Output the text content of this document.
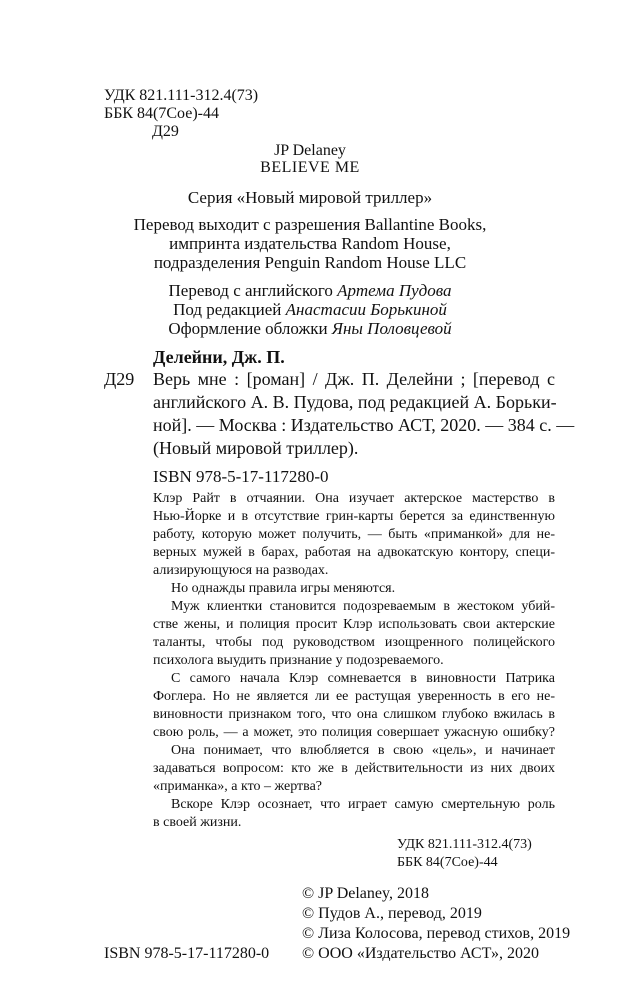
УДК 821.111-312.4(73)
ББК 84(7Сое)-44
Д29
JP Delaney
BELIEVE ME
Серия «Новый мировой триллер»
Перевод выходит с разрешения Ballantine Books,
импринта издательства Random House,
подразделения Penguin Random House LLC
Перевод с английского Артема Пудова
Под редакцией Анастасии Борькиной
Оформление обложки Яны Половцевой
Делейни, Дж. П.
Д29 Верь мне : [роман] / Дж. П. Делейни ; [перевод с
английского А. В. Пудова, под редакцией А. Борьки-
ной]. — Москва : Издательство АСТ, 2020. — 384 с. —
(Новый мировой триллер).
ISBN 978-5-17-117280-0
Клэр Райт в отчаянии. Она изучает актерское мастерство в
Нью-Йорке и в отсутствие грин-карты берется за единственную
работу, которую может получить, — быть «приманкой» для не-
верных мужей в барах, работая на адвокатскую контору, специ-
ализирующуюся на разводах.
Но однажды правила игры меняются.
Муж клиентки становится подозреваемым в жестоком убий-
стве жены, и полиция просит Клэр использовать свои актерские
таланты, чтобы под руководством изощренного полицейского
психолога выудить признание у подозреваемого.
С самого начала Клэр сомневается в виновности Патрика
Фоглера. Но не является ли ее растущая уверенность в его не-
виновности признаком того, что она слишком глубоко вжилась в
свою роль, — а может, это полиция совершает ужасную ошибку?
Она понимает, что влюбляется в свою «цель», и начинает
задаваться вопросом: кто же в действительности из них двоих
«приманка», а кто – жертва?
Вскоре Клэр осознает, что играет самую смертельную роль
в своей жизни.
УДК 821.111-312.4(73)
ББК 84(7Сое)-44
© JP Delaney, 2018
© Пудов А., перевод, 2019
© Лиза Колосова, перевод стихов, 2019
© ООО «Издательство АСТ», 2020
ISBN 978-5-17-117280-0
